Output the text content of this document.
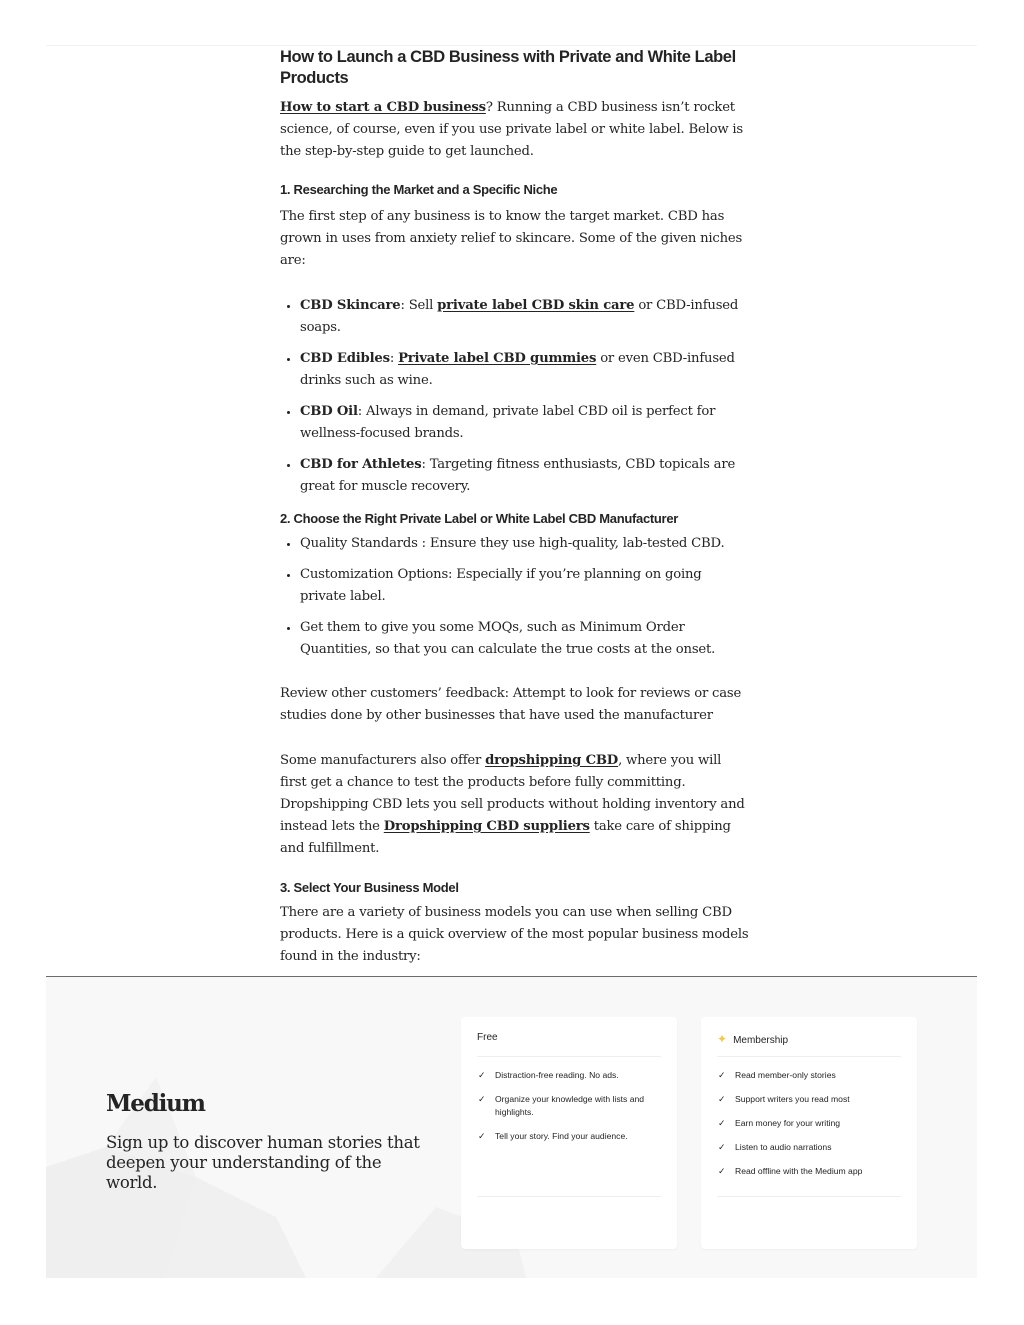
How to Launch a CBD Business with Private and White Label Products

How to start a CBD business? Running a CBD business isn’t rocket science, of course, even if you use private label or white label. Below is the step-by-step guide to get launched.

1. Researching the Market and a Specific Niche

The first step of any business is to know the target market. CBD has grown in uses from anxiety relief to skincare. Some of the given niches are:

• CBD Skincare: Sell private label CBD skin care or CBD-infused soaps.
• CBD Edibles: Private label CBD gummies or even CBD-infused drinks such as wine.
• CBD Oil: Always in demand, private label CBD oil is perfect for wellness-focused brands.
• CBD for Athletes: Targeting fitness enthusiasts, CBD topicals are great for muscle recovery.
2. Choose the Right Private Label or White Label CBD Manufacturer
• Quality Standards : Ensure they use high-quality, lab-tested CBD.
• Customization Options: Especially if you’re planning on going private label.
• Get them to give you some MOQs, such as Minimum Order Quantities, so that you can calculate the true costs at the onset.

Review other customers’ feedback: Attempt to look for reviews or case studies done by other businesses that have used the manufacturer

Some manufacturers also offer dropshipping CBD, where you will first get a chance to test the products before fully committing. Dropshipping CBD lets you sell products without holding inventory and instead lets the Dropshipping CBD suppliers take care of shipping and fulfillment.

3. Select Your Business Model

There are a variety of business models you can use when selling CBD products. Here is a quick overview of the most popular business models found in the industry:

•
Medium
Sign up to discover human stories that deepen your understanding of the world.
Free
✓ Distraction-free reading. No ads.
✓ Organize your knowledge with lists and highlights.
✓ Tell your story. Find your audience.
✦ Membership
✓ Read member-only stories
✓ Support writers you read most
✓ Earn money for your writing
✓ Listen to audio narrations
✓ Read offline with the Medium app
